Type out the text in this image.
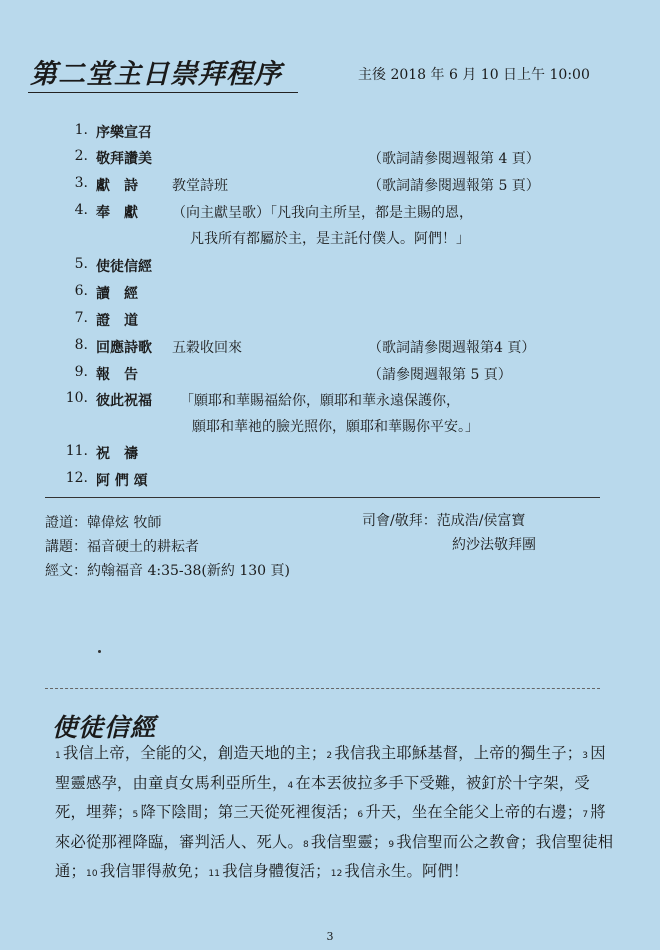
第二堂主日崇拜程序	主後 2018 年 6 月 10 日上午 10:00
1. 序樂宣召
2. 敬拜讚美	（歌詞請參閱週報第 4 頁）
3. 獻　詩 教堂詩班	（歌詞請參閱週報第 5 頁）
4. 奉　獻 （向主獻呈歌）「凡我向主所呈，都是主賜的恩，
凡我所有都屬於主，是主託付僕人。阿們！」
5. 使徒信經
6. 讀　經
7. 證　道
8. 回應詩歌 五穀收回來	（歌詞請參閱週報第4 頁）
9. 報　告	（請參閱週報第 5 頁）
10. 彼此祝福 「願耶和華賜福給你，願耶和華永遠保護你，
願耶和華祂的臉光照你，願耶和華賜你平安。」
11. 祝　禱
12. 阿 們 頌
證道：韓偉炫 牧師
講題：福音硬土的耕耘者
經文：約翰福音 4:35-38(新約 130 頁)
司會/敬拜：范成浩/侯富寶
約沙法敬拜團
使徒信經
1 我信上帝，全能的父，創造天地的主；2 我信我主耶穌基督，上帝的獨生子；3 因聖靈感孕，由童貞女馬利亞所生，4 在本丟彼拉多手下受難，被釘於十字架，受死，埋葬；5 降下陰間；第三天從死裡復活；6 升天，坐在全能父上帝的右邊；7 將來必從那裡降臨，審判活人、死人。8 我信聖靈；9 我信聖而公之教會；我信聖徒相通；10 我信罪得赦免；11 我信身體復活；12 我信永生。阿們！
3
